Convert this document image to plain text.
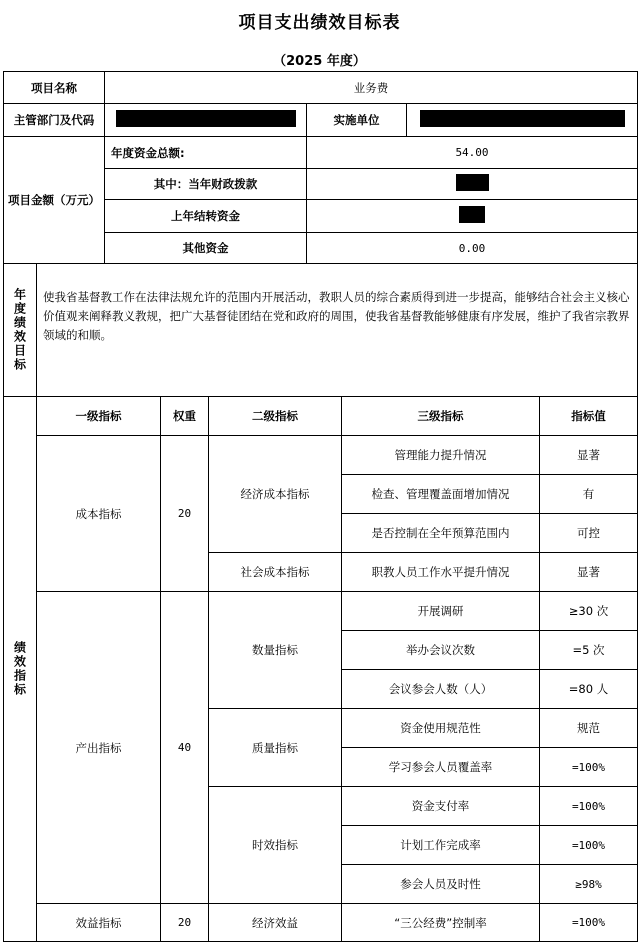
项目支出绩效目标表
（2025 年度）
项目名称	业务费		
主管部门及代码		实施单位	
项目金额（万元）	年度资金总额:	54.00
	其中：当年财政拨款	
	上年结转资金	
	其他资金	0.00
年度绩效目标	使我省基督教工作在法律法规允许的范围内开展活动，教职人员的综合素质得到进一步提高，能够结合社会主义核心价值观来阐释教义教规，把广大基督徒团结在党和政府的周围，使我省基督教能够健康有序发展，维护了我省宗教界领域的和顺。
绩效指标	一级指标	权重	二级指标	三级指标	指标值
	成本指标	20	经济成本指标	管理能力提升情况	显著
				检查、管理覆盖面增加情况	有
				是否控制在全年预算范围内	可控
			社会成本指标	职教人员工作水平提升情况	显著
	产出指标	40	数量指标	开展调研	≥30 次
				举办会议次数	=5 次
				会议参会人数（人）	=80 人
			质量指标	资金使用规范性	规范
				学习参会人员覆盖率	=100%
			时效指标	资金支付率	=100%
				计划工作完成率	=100%
				参会人员及时性	≥98%
	效益指标	20	经济效益	“三公经费”控制率	=100%
